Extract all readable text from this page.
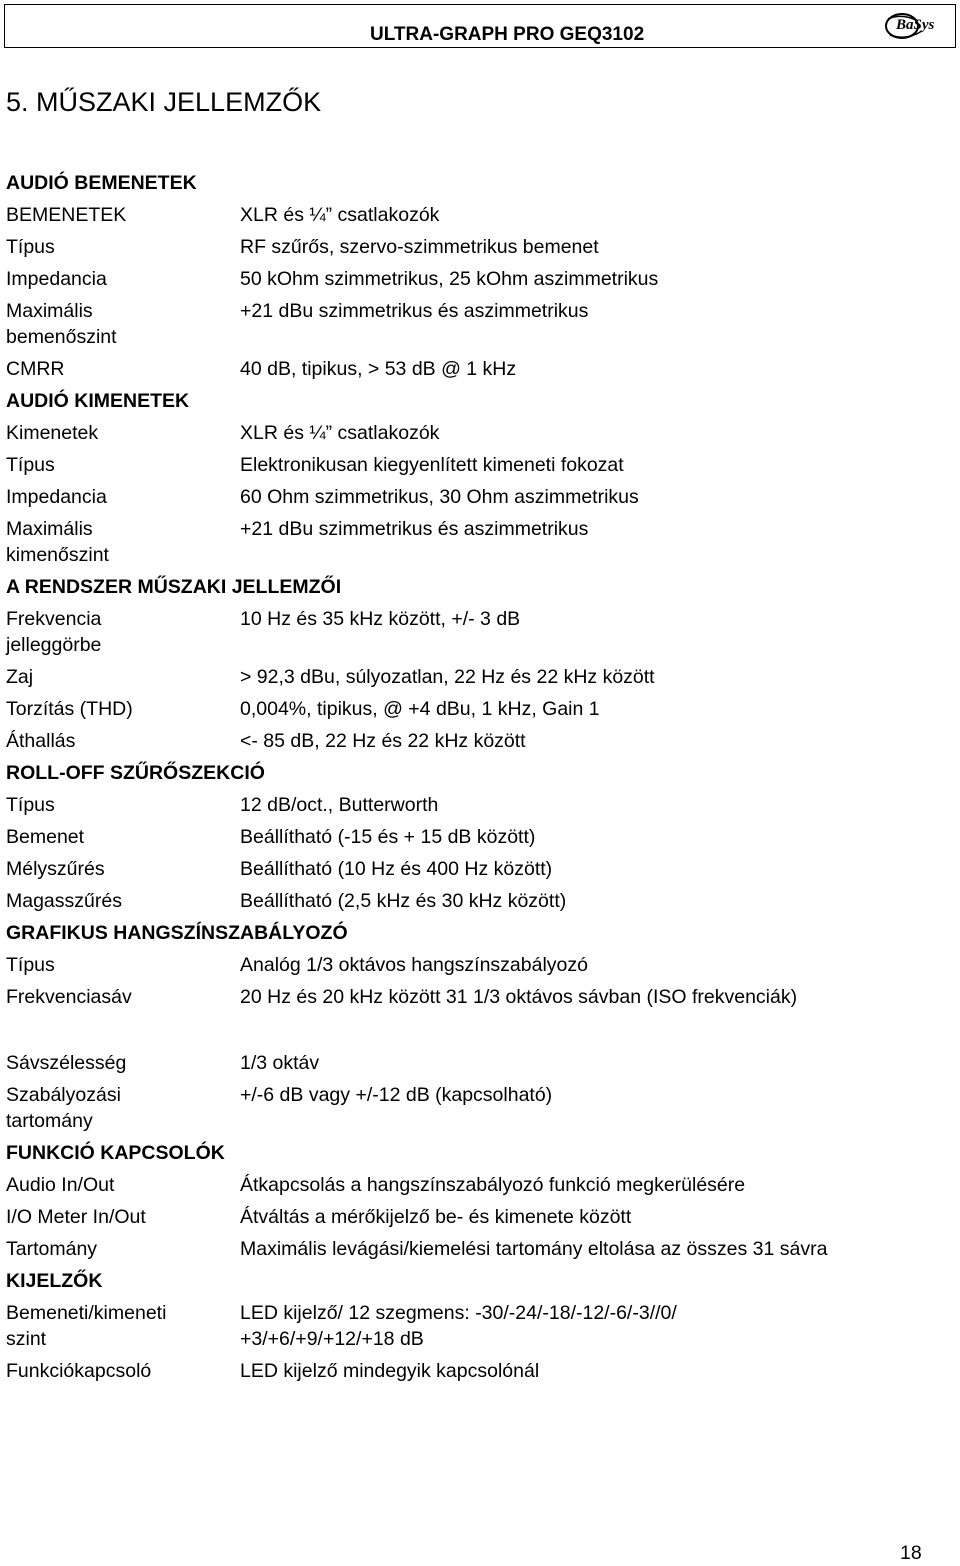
ULTRA-GRAPH PRO GEQ3102	BaSys
5. MŰSZAKI JELLEMZŐK
AUDIÓ BEMENETEK
BEMENETEK	XLR és ¼” csatlakozók
Típus	RF szűrős, szervo-szimmetrikus bemenet
Impedancia	50 kOhm szimmetrikus, 25 kOhm aszimmetrikus
Maximális	+21 dBu szimmetrikus és aszimmetrikus
bemenőszint
CMRR	40 dB, tipikus, > 53 dB @ 1 kHz
AUDIÓ KIMENETEK
Kimenetek	XLR és ¼” csatlakozók
Típus	Elektronikusan kiegyenlített kimeneti fokozat
Impedancia	60 Ohm szimmetrikus, 30 Ohm aszimmetrikus
Maximális	+21 dBu szimmetrikus és aszimmetrikus
kimenőszint
A RENDSZER MŰSZAKI JELLEMZŐI
Frekvencia	10 Hz és 35 kHz között, +/- 3 dB
jelleggörbe
Zaj	> 92,3 dBu, súlyozatlan, 22 Hz és 22 kHz között
Torzítás (THD)	0,004%, tipikus, @ +4 dBu, 1 kHz, Gain 1
Áthallás	<- 85 dB, 22 Hz és 22 kHz között
ROLL-OFF SZŰRŐSZEKCIÓ
Típus	12 dB/oct., Butterworth
Bemenet	Beállítható (-15 és + 15 dB között)
Mélyszűrés	Beállítható (10 Hz és 400 Hz között)
Magasszűrés	Beállítható (2,5 kHz és 30 kHz között)
GRAFIKUS HANGSZÍNSZABÁLYOZÓ
Típus	Analóg 1/3 oktávos hangszínszabályozó
Frekvenciasáv	20 Hz és 20 kHz között 31 1/3 oktávos sávban (ISO frekvenciák)
Sávszélesség	1/3 oktáv
Szabályozási	+/-6 dB vagy +/-12 dB (kapcsolható)
tartomány
FUNKCIÓ KAPCSOLÓK
Audio In/Out	Átkapcsolás a hangszínszabályozó funkció megkerülésére
I/O Meter In/Out	Átváltás a mérőkijelző be- és kimenete között
Tartomány	Maximális levágási/kiemelési tartomány eltolása az összes 31 sávra
KIJELZŐK
Bemeneti/kimeneti	LED kijelző/ 12 szegmens: -30/-24/-18/-12/-6/-3//0/
szint	+3/+6/+9/+12/+18 dB
Funkciókapcsoló	LED kijelző mindegyik kapcsolónál
18
